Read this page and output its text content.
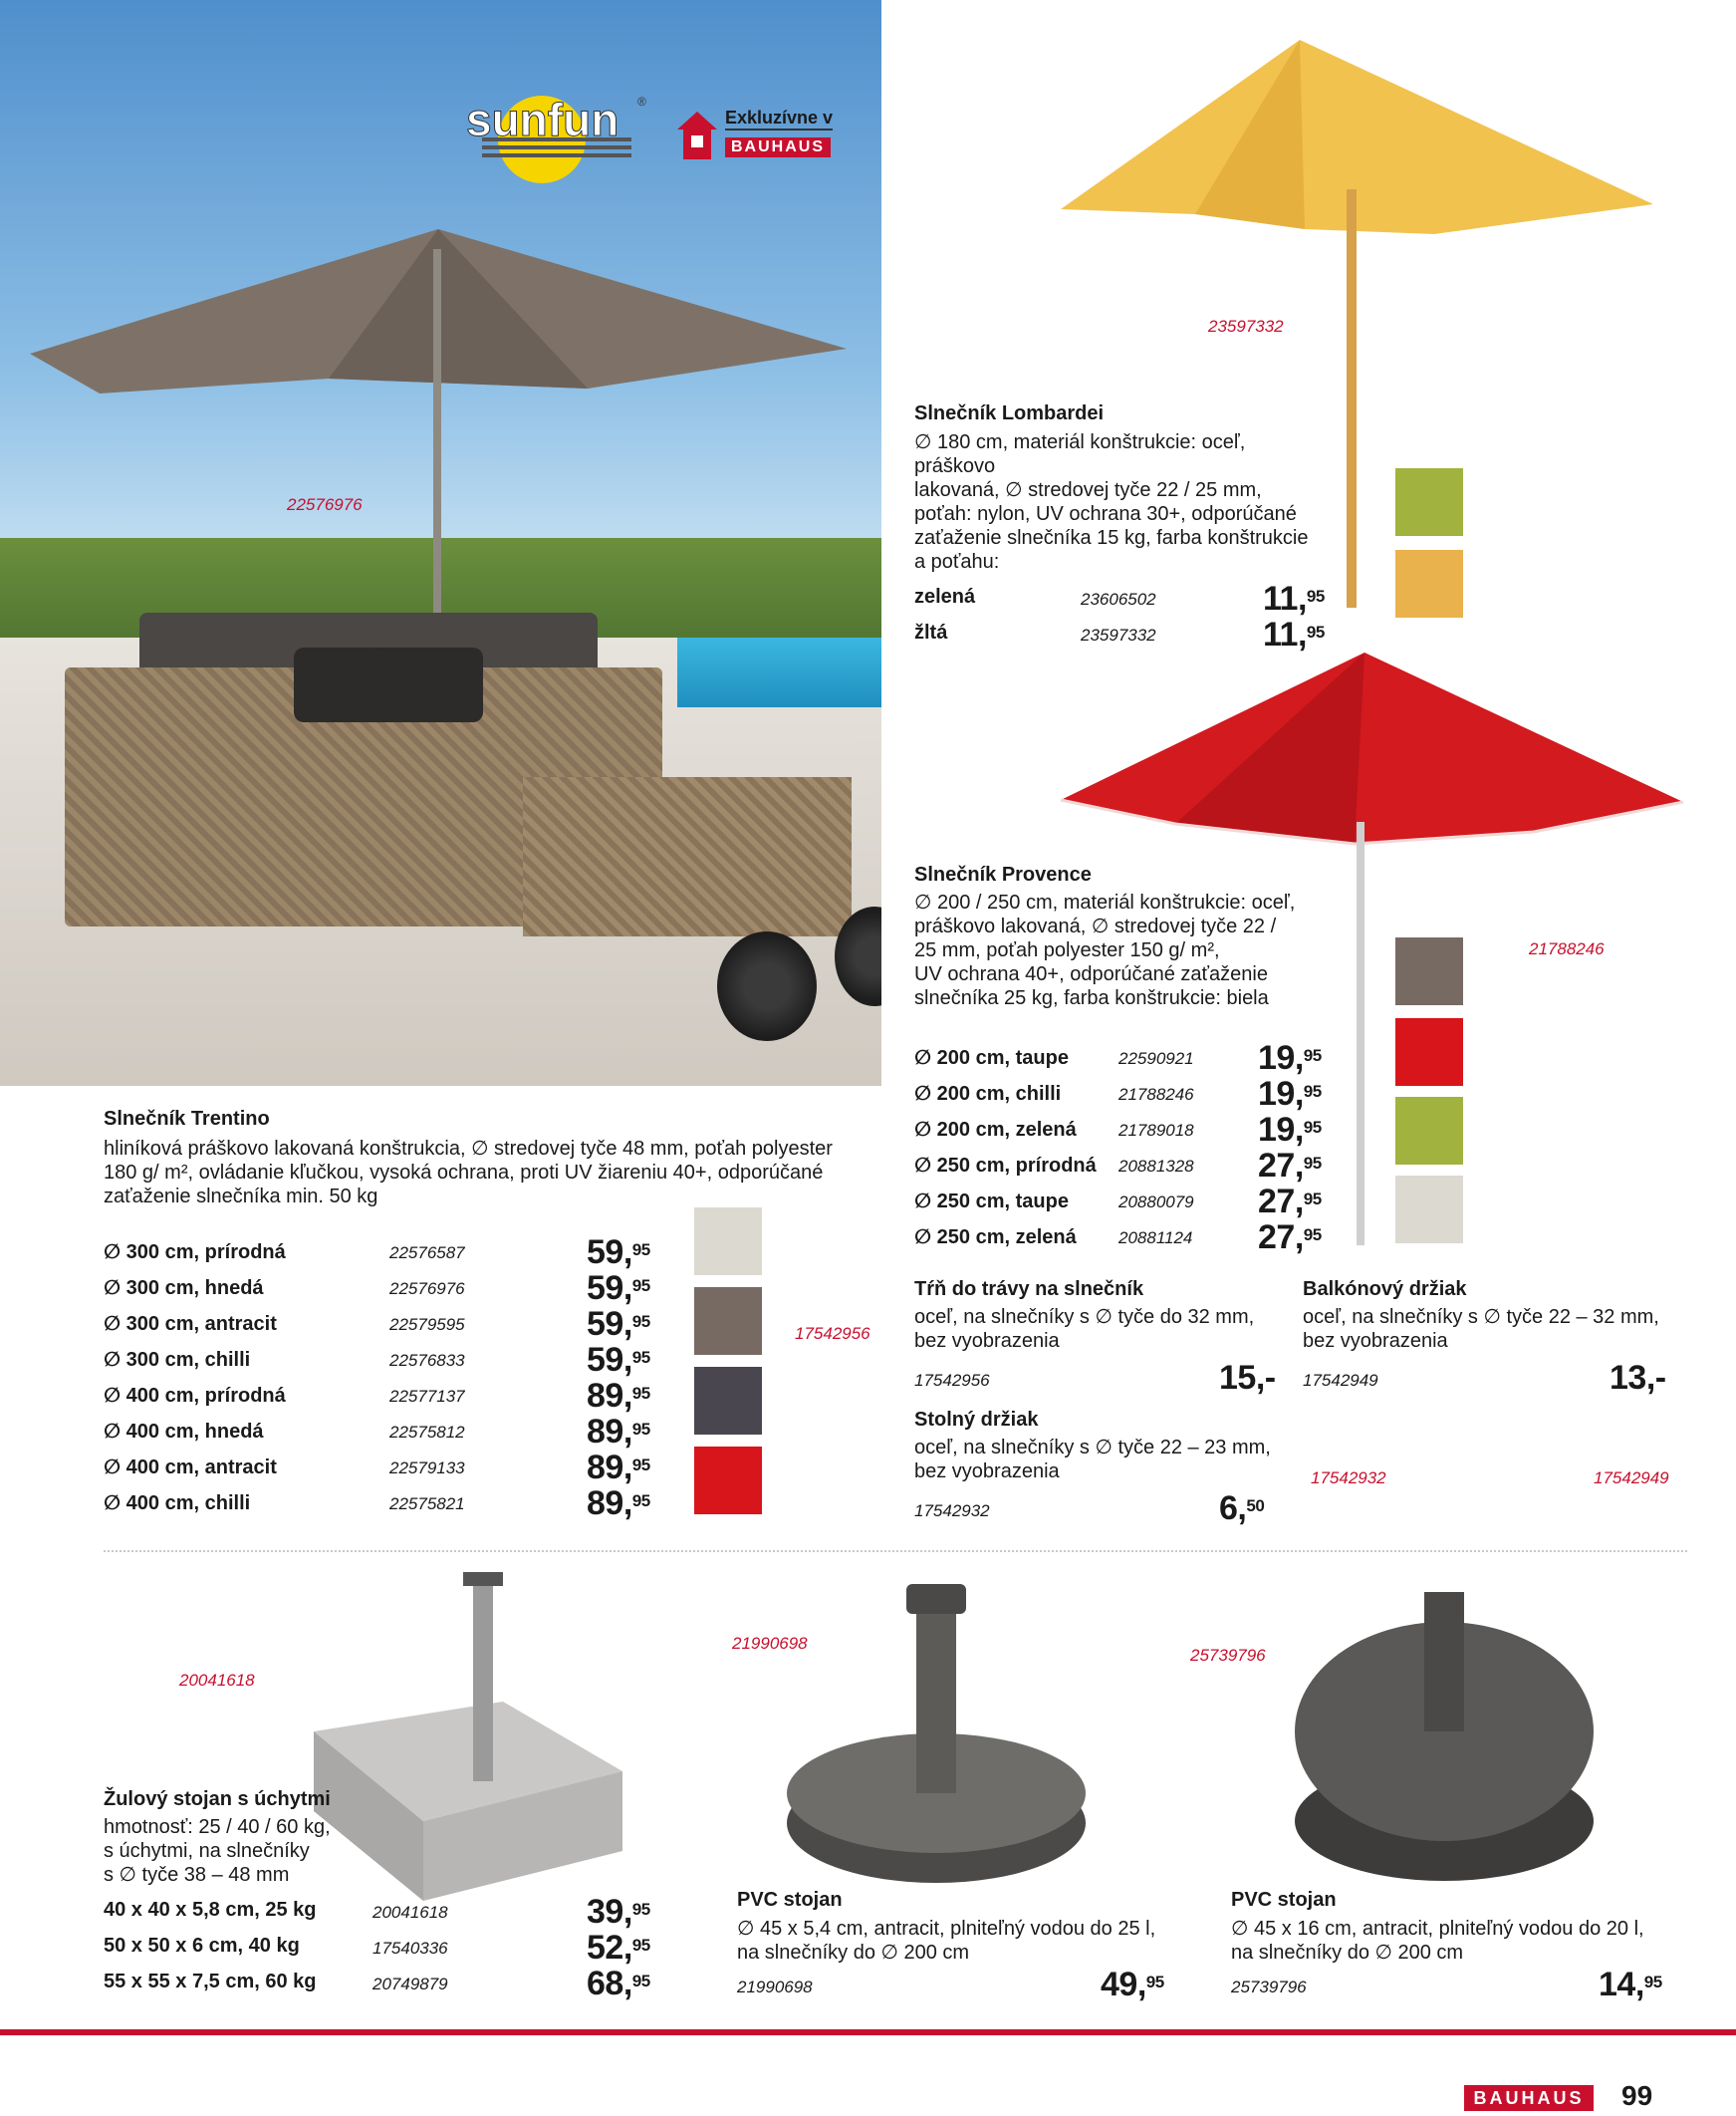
22576976
sunfun ®
Exkluzívne v
BAUHAUS
23597332
Slnečník Lombardei
∅ 180 cm, materiál konštrukcie: oceľ, práškovo
lakovaná, ∅ stredovej tyče 22 / 25 mm,
poťah: nylon, UV ochrana 30+, odporúčané
zaťaženie slnečníka 15 kg, farba konštrukcie
a poťahu:
zelená	23606502	11,95
žltá	23597332	11,95
Slnečník Provence
∅ 200 / 250 cm, materiál konštrukcie: oceľ,
práškovo lakovaná, ∅ stredovej tyče 22 /
25 mm, poťah polyester 150 g/ m²,
UV ochrana 40+, odporúčané zaťaženie
slnečníka 25 kg, farba konštrukcie: biela
21788246
∅ 200 cm, taupe	22590921 19,95
∅ 200 cm, chilli	21788246 19,95
∅ 200 cm, zelená 21789018 19,95
∅ 250 cm, prírodná 20881328 27,95
∅ 250 cm, taupe	20880079 27,95
∅ 250 cm, zelená 20881124 27,95
Slnečník Trentino
hliníková práškovo lakovaná konštrukcia, ∅ stredovej tyče 48 mm, poťah polyester
180 g/ m², ovládanie kľučkou, vysoká ochrana, proti UV žiareniu 40+, odporúčané
zaťaženie slnečníka min. 50 kg
∅ 300 cm, prírodná	22576587	59,95
∅ 300 cm, hnedá	22576976	59,95
∅ 300 cm, antracit	22579595	59,95
∅ 300 cm, chilli	22576833	59,95
∅ 400 cm, prírodná	22577137	89,95
∅ 400 cm, hnedá	22575812	89,95
∅ 400 cm, antracit	22579133	89,95
∅ 400 cm, chilli	22575821	89,95
17542956
Tŕň do trávy na slnečník
oceľ, na slnečníky s ∅ tyče do 32 mm,
bez vyobrazenia
17542956	15,-
Balkónový držiak
oceľ, na slnečníky s ∅ tyče 22 – 32 mm,
bez vyobrazenia
17542949	13,-
Stolný držiak
oceľ, na slnečníky s ∅ tyče 22 – 23 mm,
bez vyobrazenia
17542932	6,50
17542932	17542949
20041618
Žulový stojan s úchytmi
hmotnosť: 25 / 40 / 60 kg,
s úchytmi, na slnečníky
s ∅ tyče 38 – 48 mm
40 x 40 x 5,8 cm, 25 kg	20041618	39,95
50 x 50 x 6 cm, 40 kg	17540336	52,95
55 x 55 x 7,5 cm, 60 kg	20749879	68,95
21990698
PVC stojan
∅ 45 x 5,4 cm, antracit, plniteľný vodou do 25 l,
na slnečníky do ∅ 200 cm
21990698	49,95
25739796
PVC stojan
∅ 45 x 16 cm, antracit, plniteľný vodou do 20 l,
na slnečníky do ∅ 200 cm
25739796	14,95
BAUHAUS	99
